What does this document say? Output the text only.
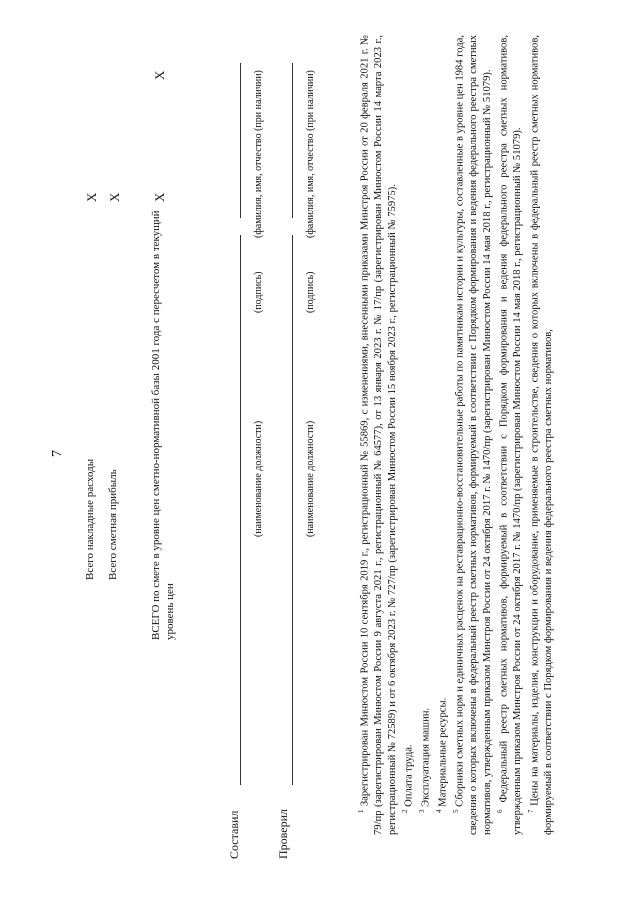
7
Всего накладные расходы
X
Всего сметная прибыль
X
ВСЕГО по смете в уровне цен сметно-нормативной базы 2001 года с пересчетом в текущий уровень цен
X
X
Составил
(наименование должности)
(подпись)
(фамилия, имя, отчество (при наличии)
Проверил
(наименование должности)
(подпись)
(фамилия, имя, отчество (при наличии)

$^1$ Зарегистрирован Минюстом России 10 сентября 2019 г., регистрационный № 55869, с изменениями, внесенными приказами Минстроя России от 20 февраля 2021 г. № 79/пр (зарегистрирован Минюстом России 9 августа 2021 г., регистрационный № 64577), от 13 января 2023 г. № 17/пр (зарегистрирован Минюстом России 14 марта 2023 г., регистрационный № 72589) и от 6 октября 2023 г. № 727/пр (зарегистрирован Минюстом России 15 ноября 2023 г., регистрационный № 75975). $^2$ Оплата труда.

$^3$ Эксплуатация машин.

$^4$ Материальные ресурсы.

$^5$ Сборники сметных норм и единичных расценок на реставрационно-восстановительные работы по памятникам истории и культуры, составленные в уровне цен 1984 года, сведения о которых включены в федеральный реестр сметных нормативов, формируемый в соответствии с Порядком формирования и ведения федерального реестра сметных нормативов, утвержденным приказом Минстроя России от 24 октября 2017 г. № 1470/пр (зарегистрирован Минюстом России 14 мая 2018 г., регистрационный № 51079). $^6$ Федеральный реестр сметных нормативов, формируемый в соответствии с Порядком формирования и ведения федерального реестра сметных нормативов, утвержденным приказом Минстроя России от 24 октября 2017 г. № 1470/пр (зарегистрирован Минюстом России 14 мая 2018 г., регистрационный № 51079). $^7$ Цены на материалы, изделия, конструкции и оборудование, применяемые в строительстве, сведения о которых включены в федеральный реестр сметных нормативов, формируемый в соответствии с Порядком формирования и ведения федерального реестра сметных нормативов,
